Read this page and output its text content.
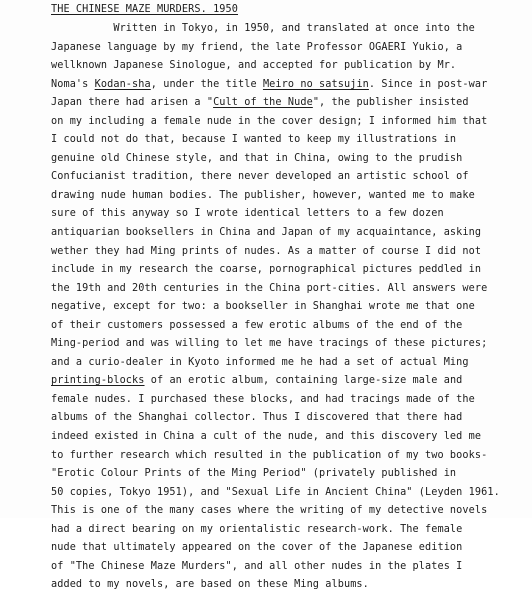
THE CHINESE MAZE MURDERS. 1950
Written in Tokyo, in 1950, and translated at once into the
Japanese language by my friend, the late Professor OGAERI Yukio, a
wellknown Japanese Sinologue, and accepted for publication by Mr.
Noma's Kodan-sha, under the title Meiro no satsujin. Since in post-war
Japan there had arisen a "Cult of the Nude", the publisher insisted
on my including a female nude in the cover design; I informed him that
I could not do that, because I wanted to keep my illustrations in
genuine old Chinese style, and that in China, owing to the prudish
Confucianist tradition, there never developed an artistic school of
drawing nude human bodies. The publisher, however, wanted me to make
sure of this anyway so I wrote identical letters to a few dozen
antiquarian booksellers in China and Japan of my acquaintance, asking
wether they had Ming prints of nudes. As a matter of course I did not
include in my research the coarse, pornographical pictures peddled in
the 19th and 20th centuries in the China port-cities. All answers were
negative, except for two: a bookseller in Shanghai wrote me that one
of their customers possessed a few erotic albums of the end of the
Ming-period and was willing to let me have tracings of these pictures;
and a curio-dealer in Kyoto informed me he had a set of actual Ming
printing-blocks of an erotic album, containing large-size male and
female nudes. I purchased these blocks, and had tracings made of the
albums of the Shanghai collector. Thus I discovered that there had
indeed existed in China a cult of the nude, and this discovery led me
to further research which resulted in the publication of my two books-
"Erotic Colour Prints of the Ming Period" (privately published in
50 copies, Tokyo 1951), and "Sexual Life in Ancient China" (Leyden 1961.
This is one of the many cases where the writing of my detective novels
had a direct bearing on my orientalistic research-work. The female
nude that ultimately appeared on the cover of the Japanese edition
of "The Chinese Maze Murders", and all other nudes in the plates I
added to my novels, are based on these Ming albums.
